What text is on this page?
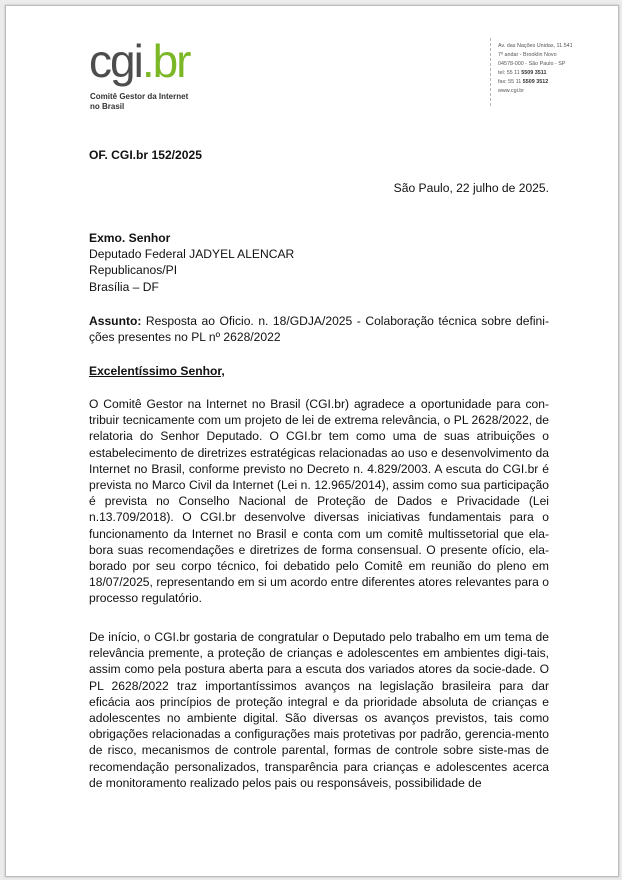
cgi.br
Comitê Gestor da Internet
no Brasil
Av. das Nações Unidas, 11.541
7º andar - Brooklin Novo
04578-000 - São Paulo - SP
tel: 55 11 5509 3511
fax: 55 11 5509 3512
www.cgi.br
OF. CGI.br 152/2025
São Paulo, 22 julho de 2025.
Exmo. Senhor
Deputado Federal JADYEL ALENCAR
Republicanos/PI
Brasília – DF
Assunto: Resposta ao Oficio. n. 18/GDJA/2025 - Colaboração técnica sobre defini-ções presentes no PL nº 2628/2022
Excelentíssimo Senhor,
O Comitê Gestor na Internet no Brasil (CGI.br) agradece a oportunidade para con-tribuir tecnicamente com um projeto de lei de extrema relevância, o PL 2628/2022, de relatoria do Senhor Deputado. O CGI.br tem como uma de suas atribuições o estabelecimento de diretrizes estratégicas relacionadas ao uso e desenvolvimento da Internet no Brasil, conforme previsto no Decreto n. 4.829/2003. A escuta do CGI.br é prevista no Marco Civil da Internet (Lei n. 12.965/2014), assim como sua participação é prevista no Conselho Nacional de Proteção de Dados e Privacidade (Lei n.13.709/2018). O CGI.br desenvolve diversas iniciativas fundamentais para o funcionamento da Internet no Brasil e conta com um comitê multissetorial que ela-bora suas recomendações e diretrizes de forma consensual. O presente ofício, ela-borado por seu corpo técnico, foi debatido pelo Comitê em reunião do pleno em 18/07/2025, representando em si um acordo entre diferentes atores relevantes para o processo regulatório.
De início, o CGI.br gostaria de congratular o Deputado pelo trabalho em um tema de relevância premente, a proteção de crianças e adolescentes em ambientes digi-tais, assim como pela postura aberta para a escuta dos variados atores da socie-dade. O PL 2628/2022 traz importantíssimos avanços na legislação brasileira para dar eficácia aos princípios de proteção integral e da prioridade absoluta de crianças e adolescentes no ambiente digital. São diversas os avanços previstos, tais como obrigações relacionadas a configurações mais protetivas por padrão, gerencia-mento de risco, mecanismos de controle parental, formas de controle sobre siste-mas de recomendação personalizados, transparência para crianças e adolescentes acerca de monitoramento realizado pelos pais ou responsáveis, possibilidade de
